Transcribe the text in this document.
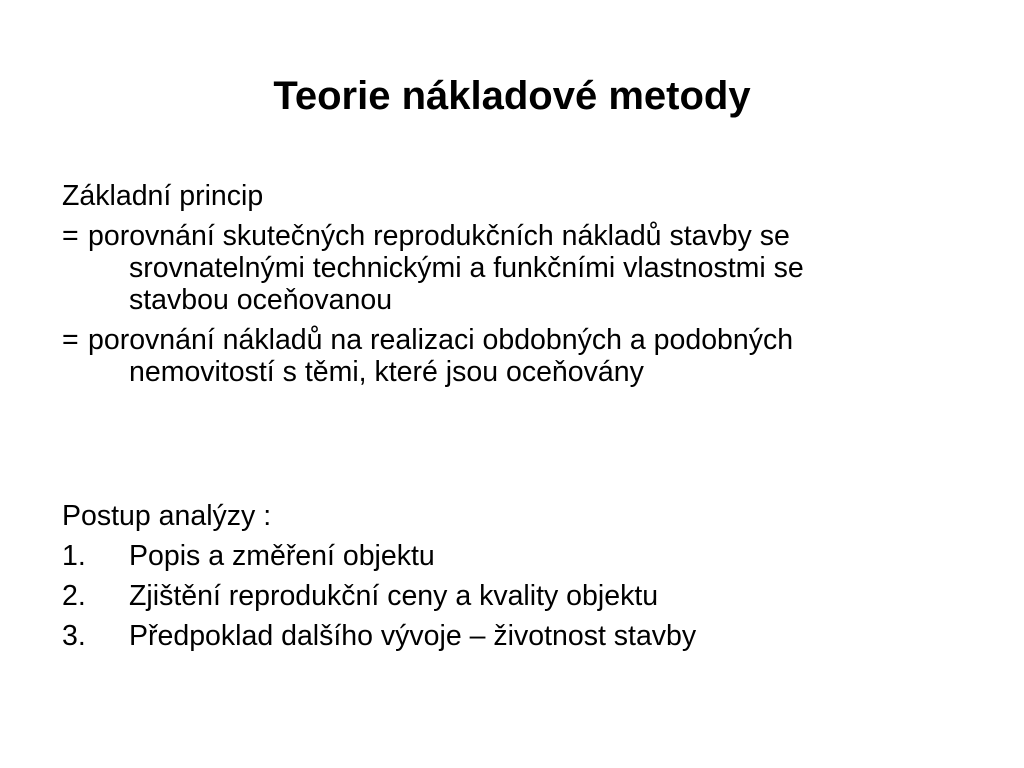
Teorie nákladové metody
Základní princip
= porovnání skutečných reprodukčních nákladů stavby se srovnatelnými technickými a funkčními vlastnostmi se stavbou oceňovanou
= porovnání nákladů na realizaci obdobných a podobných nemovitostí s těmi, které jsou oceňovány
Postup analýzy :
1. Popis a změření objektu
2. Zjištění reprodukční ceny a kvality objektu
3. Předpoklad dalšího vývoje – životnost stavby
